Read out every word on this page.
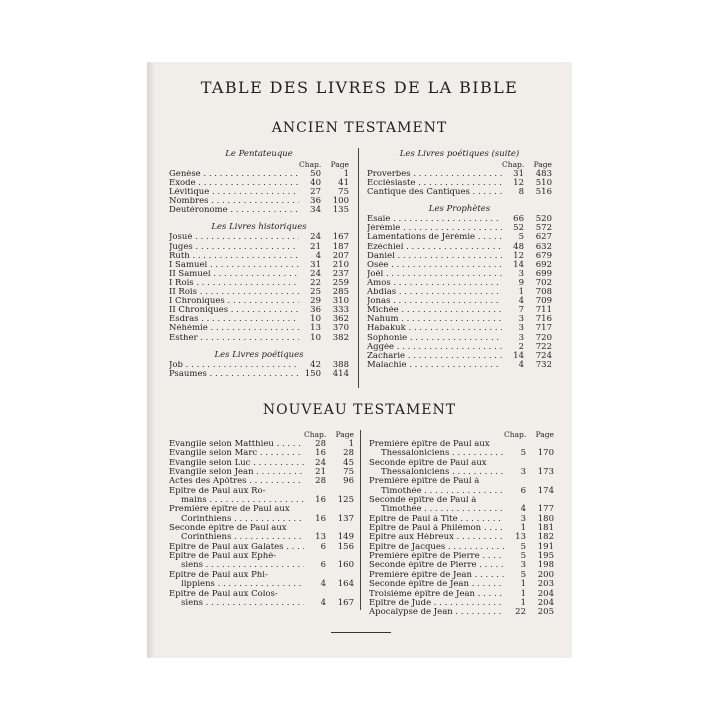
TABLE DES LIVRES DE LA BIBLE
ANCIEN TESTAMENT
Le Pentateuque
Chap.	Page
Genèse . . .	50	1
Exode . . .	40	41
Lévitique . . .	27	75
Nombres . . .	36	100
Deutéronome . . .	34	135
Les Livres historiques
Josué . . .	24	167
Juges . . .	21	187
Ruth . . .	4	207
I Samuel . . .	31	210
II Samuel . . .	24	237
I Rois . . .	22	259
II Rois . . .	25	285
I Chroniques . . .	29	310
II Chroniques . . .	36	333
Esdras . . .	10	362
Néhémie . . .	13	370
Esther . . .	10	382
Les Livres poétiques
Job . . .	42	388
Psaumes . . .	150	414
Les Livres poétiques (suite)
Chap.	Page
Proverbes . . .	31	483
Ecclésiaste . . .	12	510
Cantique des Cantiques . . .	8	516
Les Prophètes
Ésaïe . . .	66	520
Jérémie . . .	52	572
Lamentations de Jérémie . . .	5	627
Ézéchiel . . .	48	632
Daniel . . .	12	679
Osée . . .	14	692
Joël . . .	3	699
Amos . . .	9	702
Abdias . . .	1	708
Jonas . . .	4	709
Michée . . .	7	711
Nahum . . .	3	716
Habakuk . . .	3	717
Sophonie . . .	3	720
Aggée . . .	2	722
Zacharie . . .	14	724
Malachie . . .	4	732
NOUVEAU TESTAMENT
Chap.	Page
Évangile selon Matthieu . . .	28	1
Évangile selon Marc . . .	16	28
Évangile selon Luc . . .	24	45
Évangile selon Jean . . .	21	75
Actes des Apôtres . . .	28	96
Épître de Paul aux Ro-
mains . . .	16	125
Première épître de Paul aux
Corinthiens . . .	16	137
Seconde épître de Paul aux
Corinthiens . . .	13	149
Épître de Paul aux Galates . . .	6	156
Épître de Paul aux Éphé-
siens . . .	6	160
Épître de Paul aux Phi-
lippiens . . .	4	164
Épître de Paul aux Colos-
siens . . .	4	167
Chap.	Page
Première épître de Paul aux
Thessaloniciens . . .	5	170
Seconde épître de Paul aux
Thessaloniciens . . .	3	173
Première épître de Paul à
Timothée . . .	6	174
Seconde épître de Paul à
Timothée . . .	4	177
Épître de Paul à Tite . . .	3	180
Épître de Paul à Philémon . . .	1	181
Épître aux Hébreux . . .	13	182
Épître de Jacques . . .	5	191
Première épître de Pierre . . .	5	195
Seconde épître de Pierre . . .	3	198
Première épître de Jean . . .	5	200
Seconde épître de Jean . . .	1	203
Troisième épître de Jean . . .	1	204
Épître de Jude . . .	1	204
Apocalypse de Jean . . .	22	205
